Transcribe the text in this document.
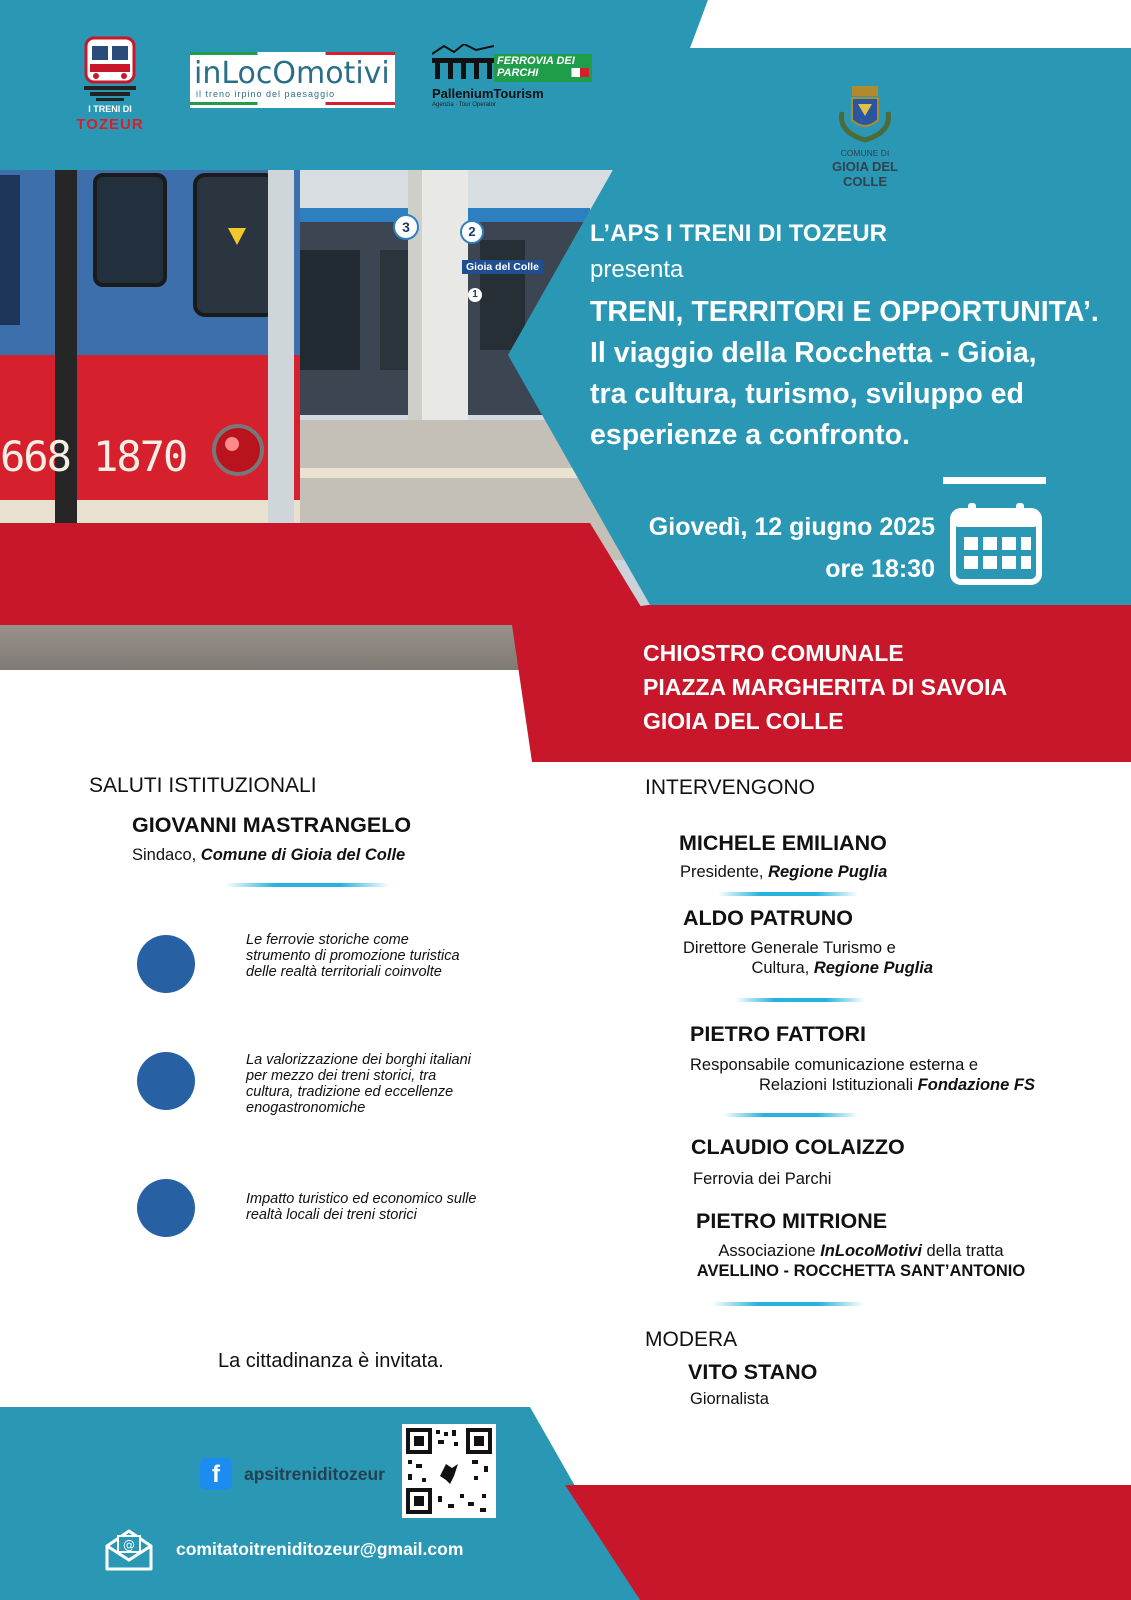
668 1870
3	2
Gioia del Colle
1
I TRENI DI
TOZEUR
inLocOmotivi
il treno irpino del paesaggio
FERROVIA DEI
PARCHI
PalleniumTourism
Agenzia · Tour Operator
COMUNE DI
GIOIA DEL COLLE
L’APS I TRENI DI TOZEUR
presenta
TRENI, TERRITORI E OPPORTUNITA’.
Il viaggio della Rocchetta - Gioia,
tra cultura, turismo, sviluppo ed
esperienze a confronto.
Giovedì, 12 giugno 2025
ore 18:30
CHIOSTRO COMUNALE
PIAZZA MARGHERITA DI SAVOIA
GIOIA DEL COLLE
SALUTI ISTITUZIONALI
GIOVANNI MASTRANGELO
Sindaco, Comune di Gioia del Colle
Le ferrovie storiche come
strumento di promozione turistica
delle realtà territoriali coinvolte
La valorizzazione dei borghi italiani
per mezzo dei treni storici, tra
cultura, tradizione ed eccellenze
enogastronomiche
Impatto turistico ed economico sulle
realtà locali dei treni storici
La cittadinanza è invitata.
INTERVENGONO
MICHELE EMILIANO
Presidente, Regione Puglia
ALDO PATRUNO
Direttore Generale Turismo e
Cultura, Regione Puglia
PIETRO FATTORI
Responsabile comunicazione esterna e
Relazioni Istituzionali Fondazione FS
CLAUDIO COLAIZZO
Ferrovia dei Parchi
PIETRO MITRIONE
Associazione InLocoMotivi della tratta
AVELLINO - ROCCHETTA SANT’ANTONIO
MODERA
VITO STANO
Giornalista
f	apsitreniditozeur
@ comitatoitreniditozeur@gmail.com
